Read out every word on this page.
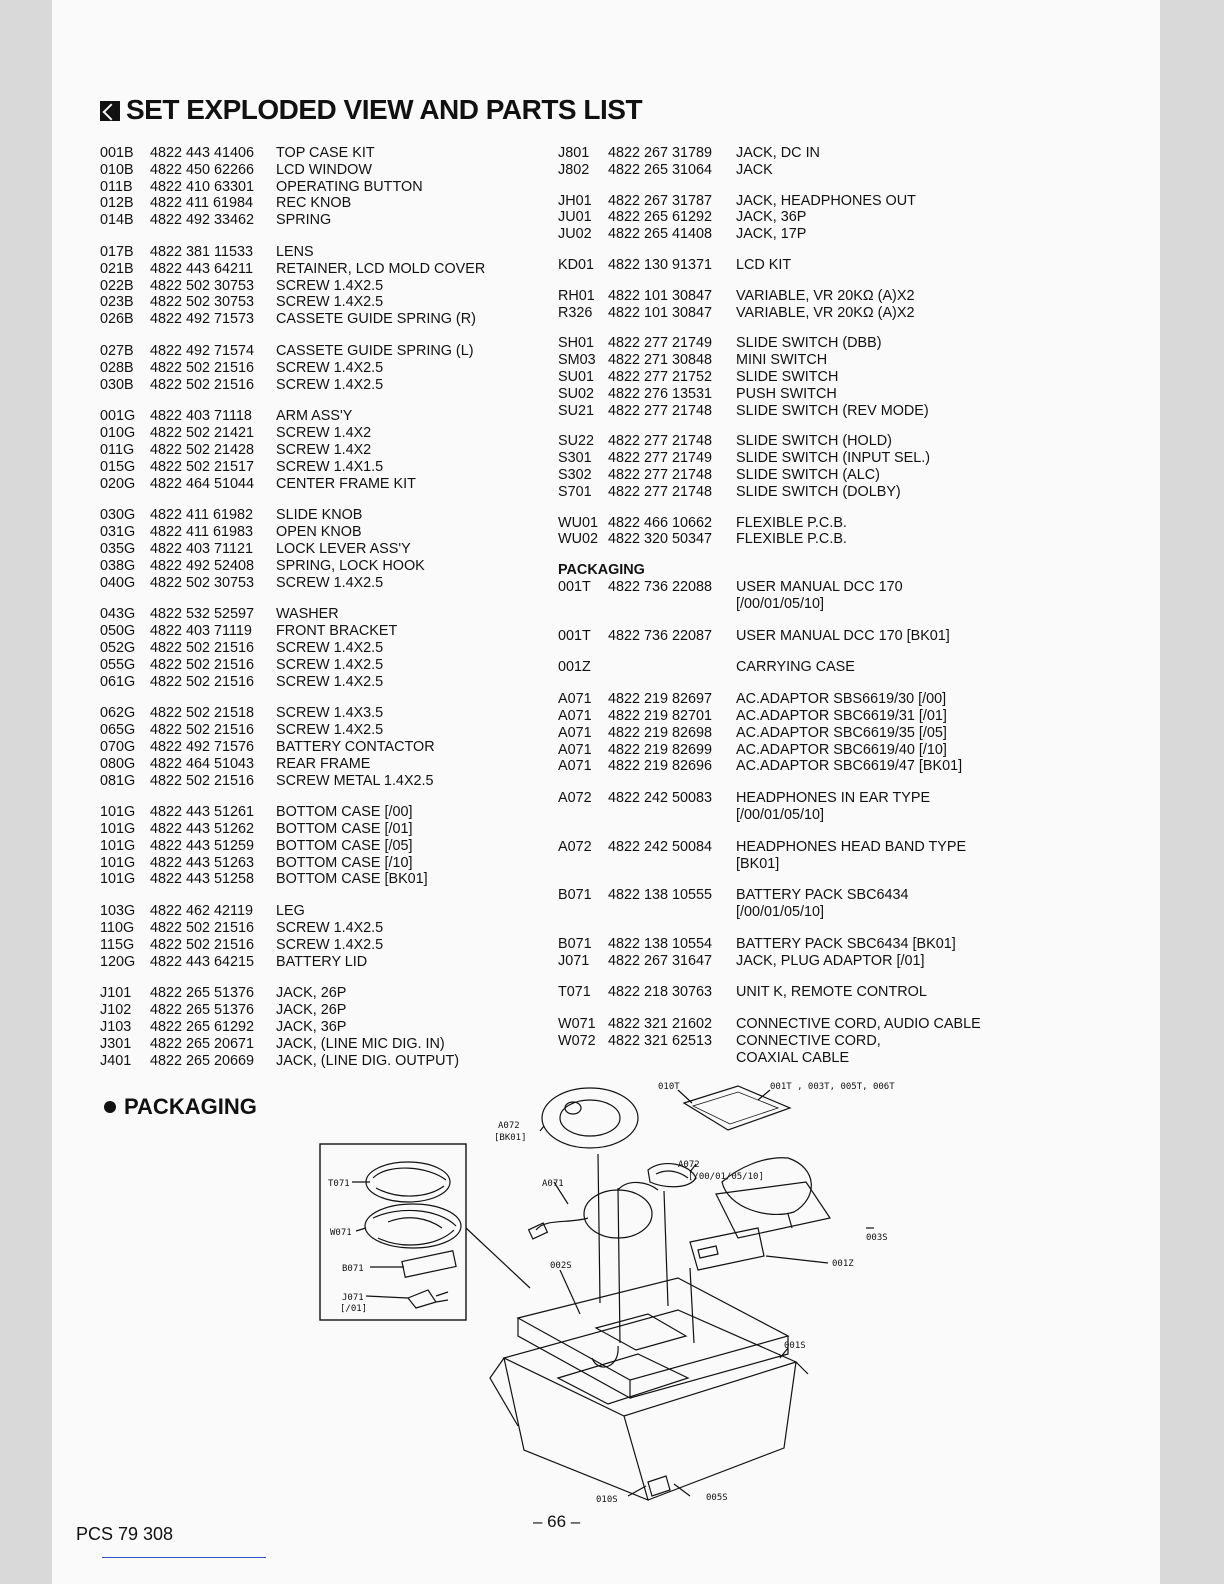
SET EXPLODED VIEW AND PARTS LIST
001B	4822 443 41406	TOP CASE KIT
010B	4822 450 62266	LCD WINDOW
011B	4822 410 63301	OPERATING BUTTON
012B	4822 411 61984	REC KNOB
014B	4822 492 33462	SPRING
017B	4822 381 11533	LENS
021B	4822 443 64211	RETAINER, LCD MOLD COVER
022B	4822 502 30753	SCREW 1.4X2.5
023B	4822 502 30753	SCREW 1.4X2.5
026B	4822 492 71573	CASSETE GUIDE SPRING (R)
027B	4822 492 71574	CASSETE GUIDE SPRING (L)
028B	4822 502 21516	SCREW 1.4X2.5
030B	4822 502 21516	SCREW 1.4X2.5
001G	4822 403 71118	ARM ASS'Y
010G	4822 502 21421	SCREW 1.4X2
011G	4822 502 21428	SCREW 1.4X2
015G	4822 502 21517	SCREW 1.4X1.5
020G	4822 464 51044	CENTER FRAME KIT
030G	4822 411 61982	SLIDE KNOB
031G	4822 411 61983	OPEN KNOB
035G	4822 403 71121	LOCK LEVER ASS'Y
038G	4822 492 52408	SPRING, LOCK HOOK
040G	4822 502 30753	SCREW 1.4X2.5
043G	4822 532 52597	WASHER
050G	4822 403 71119	FRONT BRACKET
052G	4822 502 21516	SCREW 1.4X2.5
055G	4822 502 21516	SCREW 1.4X2.5
061G	4822 502 21516	SCREW 1.4X2.5
062G	4822 502 21518	SCREW 1.4X3.5
065G	4822 502 21516	SCREW 1.4X2.5
070G	4822 492 71576	BATTERY CONTACTOR
080G	4822 464 51043	REAR FRAME
081G	4822 502 21516	SCREW METAL 1.4X2.5
101G	4822 443 51261	BOTTOM CASE [/00]
101G	4822 443 51262	BOTTOM CASE [/01]
101G	4822 443 51259	BOTTOM CASE [/05]
101G	4822 443 51263	BOTTOM CASE [/10]
101G	4822 443 51258	BOTTOM CASE [BK01]
103G	4822 462 42119	LEG
110G	4822 502 21516	SCREW 1.4X2.5
115G	4822 502 21516	SCREW 1.4X2.5
120G	4822 443 64215	BATTERY LID
J101	4822 265 51376	JACK, 26P
J102	4822 265 51376	JACK, 26P
J103	4822 265 61292	JACK, 36P
J301	4822 265 20671	JACK, (LINE MIC DIG. IN)
J401	4822 265 20669	JACK, (LINE DIG. OUTPUT)
J801	4822 267 31789	JACK, DC IN
J802	4822 265 31064	JACK
JH01	4822 267 31787	JACK, HEADPHONES OUT
JU01	4822 265 61292	JACK, 36P
JU02	4822 265 41408	JACK, 17P
KD01 4822 130 91371	LCD KIT
RH01 4822 101 30847	VARIABLE, VR 20KΩ (A)X2
R326	4822 101 30847	VARIABLE, VR 20KΩ (A)X2
SH01 4822 277 21749	SLIDE SWITCH (DBB)
SM03 4822 271 30848	MINI SWITCH
SU01 4822 277 21752	SLIDE SWITCH
SU02 4822 276 13531	PUSH SWITCH
SU21 4822 277 21748	SLIDE SWITCH (REV MODE)
SU22 4822 277 21748	SLIDE SWITCH (HOLD)
S301	4822 277 21749	SLIDE SWITCH (INPUT SEL.)
S302	4822 277 21748	SLIDE SWITCH (ALC)
S701	4822 277 21748	SLIDE SWITCH (DOLBY)
WU01 4822 466 10662	FLEXIBLE P.C.B.
WU02 4822 320 50347	FLEXIBLE P.C.B.
PACKAGING
001T	4822 736 22088	USER MANUAL DCC 170
[/00/01/05/10]
001T	4822 736 22087	USER MANUAL DCC 170 [BK01]
001Z	CARRYING CASE
A071	4822 219 82697	AC.ADAPTOR SBS6619/30 [/00]
A071	4822 219 82701	AC.ADAPTOR SBC6619/31 [/01]
A071	4822 219 82698	AC.ADAPTOR SBC6619/35 [/05]
A071	4822 219 82699	AC.ADAPTOR SBC6619/40 [/10]
A071	4822 219 82696	AC.ADAPTOR SBC6619/47 [BK01]
A072	4822 242 50083	HEADPHONES IN EAR TYPE
[/00/01/05/10]
A072	4822 242 50084	HEADPHONES HEAD BAND TYPE
[BK01]
B071	4822 138 10555	BATTERY PACK SBC6434
[/00/01/05/10]
B071	4822 138 10554	BATTERY PACK SBC6434 [BK01]
J071	4822 267 31647	JACK, PLUG ADAPTOR [/01]
T071	4822 218 30763	UNIT K, REMOTE CONTROL
W071 4822 321 21602	CONNECTIVE CORD, AUDIO CABLE
W072 4822 321 62513	CONNECTIVE CORD,
COAXIAL CABLE
PACKAGING
010T	001T , 003T, 005T, 006T
A072
[BK01]
A072
[/00/01/05/10]
A071
T071
W071
B071
J071
[/01]
002S
003S
001Z
001S
010S	005S
– 66 –
PCS 79 308
